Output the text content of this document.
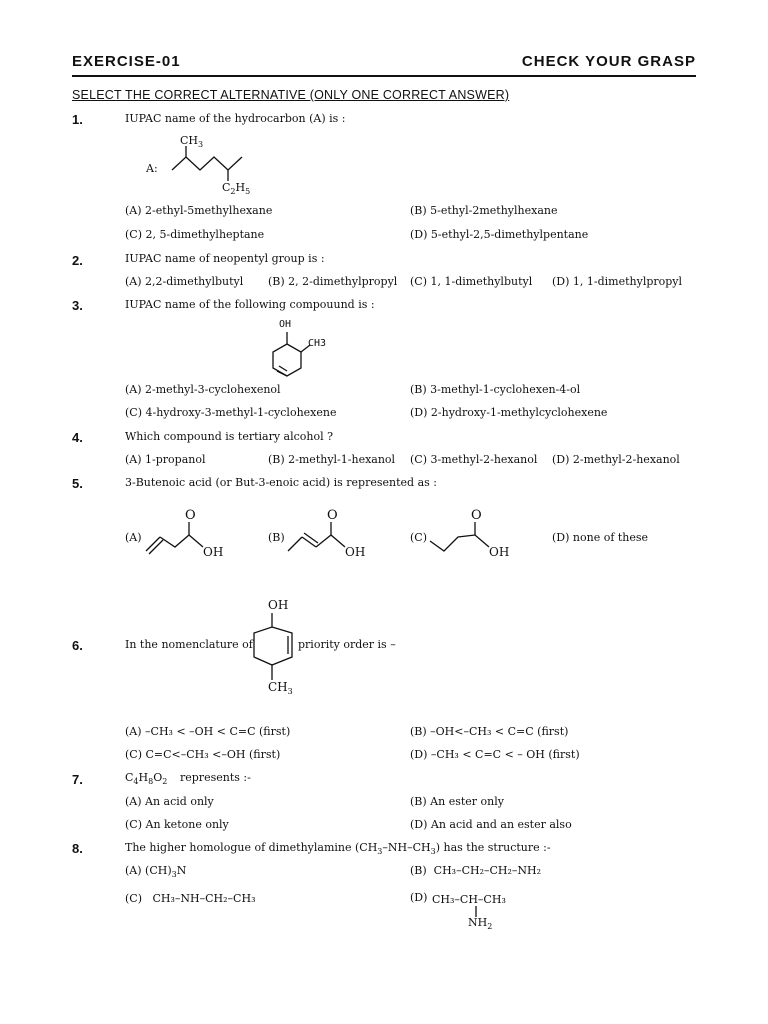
EXERCISE-01	CHECK YOUR GRASP
SELECT THE CORRECT ALTERNATIVE (ONLY ONE CORRECT ANSWER)
1.	IUPAC name of the hydrocarbon (A) is :
A:
$CH_3$
$C_2H_5$
(A) 2-ethyl-5methylhexane	(B) 5-ethyl-2methylhexane
(C) 2, 5-dimethylheptane	(D) 5-ethyl-2,5-dimethylpentane
2.	IUPAC name of neopentyl group is :
(A) 2,2-dimethylbutyl (B) 2, 2-dimethylpropyl (C) 1, 1-dimethylbutyl (D) 1, 1-dimethylpropyl
3.	IUPAC name of the following compouund is :
OH
CH3
(A) 2-methyl-3-cyclohexenol	(B) 3-methyl-1-cyclohexen-4-ol
(C) 4-hydroxy-3-methyl-1-cyclohexene	(D) 2-hydroxy-1-methylcyclohexene
4.	Which compound is tertiary alcohol ?
(A) 1-propanol	(B) 2-methyl-1-hexanol (C) 3-methyl-2-hexanol (D) 2-methyl-2-hexanol
5.	3-Butenoic acid (or But-3-enoic acid) is represented as :
(A)	(B)	(C)	(D) none of these
O
OH
O
OH
O
OH
6.	In the nomenclature of	priority order is –
OH
$CH_3$
(A) –CH₃ < –OH < C=C (first)	(B) –OH<–CH₃ < C=C (first)
(C) C=C<–CH₃ <–OH (first)	(D) –CH₃ < C=C < – OH (first)
7.	$C_4H_8O_2$ represents :-
(A) An acid only	(B) An ester only
(C) An ketone only	(D) An acid and an ester also
8.	The higher homologue of dimethylamine $(CH_3-NH-CH_3)$ has the structure :-
(A) $(CH)_3N$	(B) CH₃–CH₂–CH₂–NH₂
(C) CH₃–NH–CH₂–CH₃	(D) CH₃–CH–CH₃
$NH_2$
